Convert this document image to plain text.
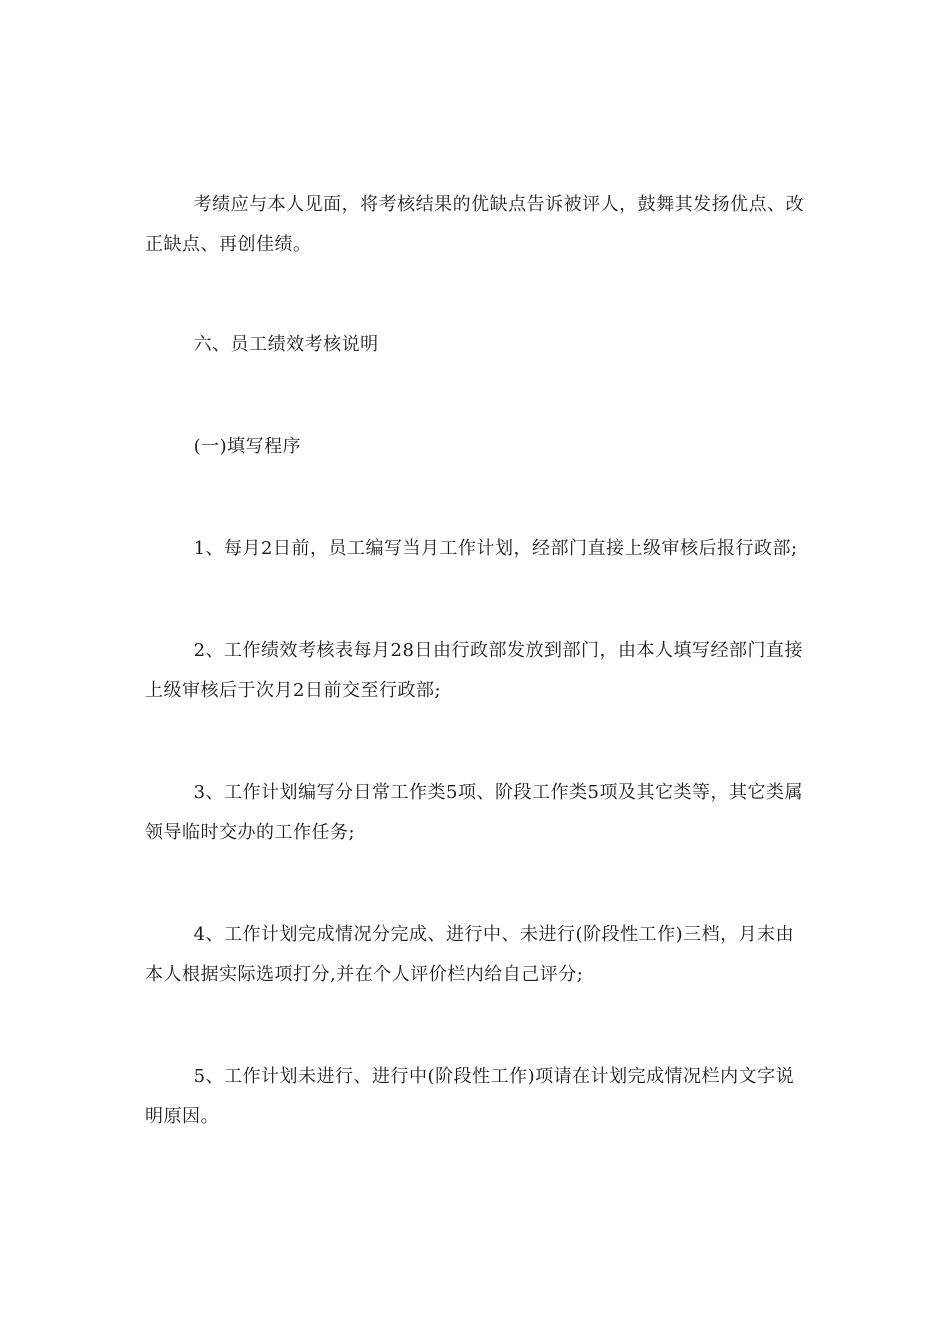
考绩应与本人见面，将考核结果的优缺点告诉被评人，鼓舞其发扬优点、改正缺点、再创佳绩。

六、员工绩效考核说明

(一)填写程序

1、每月2日前，员工编写当月工作计划，经部门直接上级审核后报行政部;

2、工作绩效考核表每月28日由行政部发放到部门，由本人填写经部门直接上级审核后于次月2日前交至行政部;

3、工作计划编写分日常工作类5项、阶段工作类5项及其它类等，其它类属领导临时交办的工作任务;

4、工作计划完成情况分完成、进行中、未进行(阶段性工作)三档，月末由本人根据实际选项打分,并在个人评价栏内给自己评分;

5、工作计划未进行、进行中(阶段性工作)项请在计划完成情况栏内文字说明原因。
